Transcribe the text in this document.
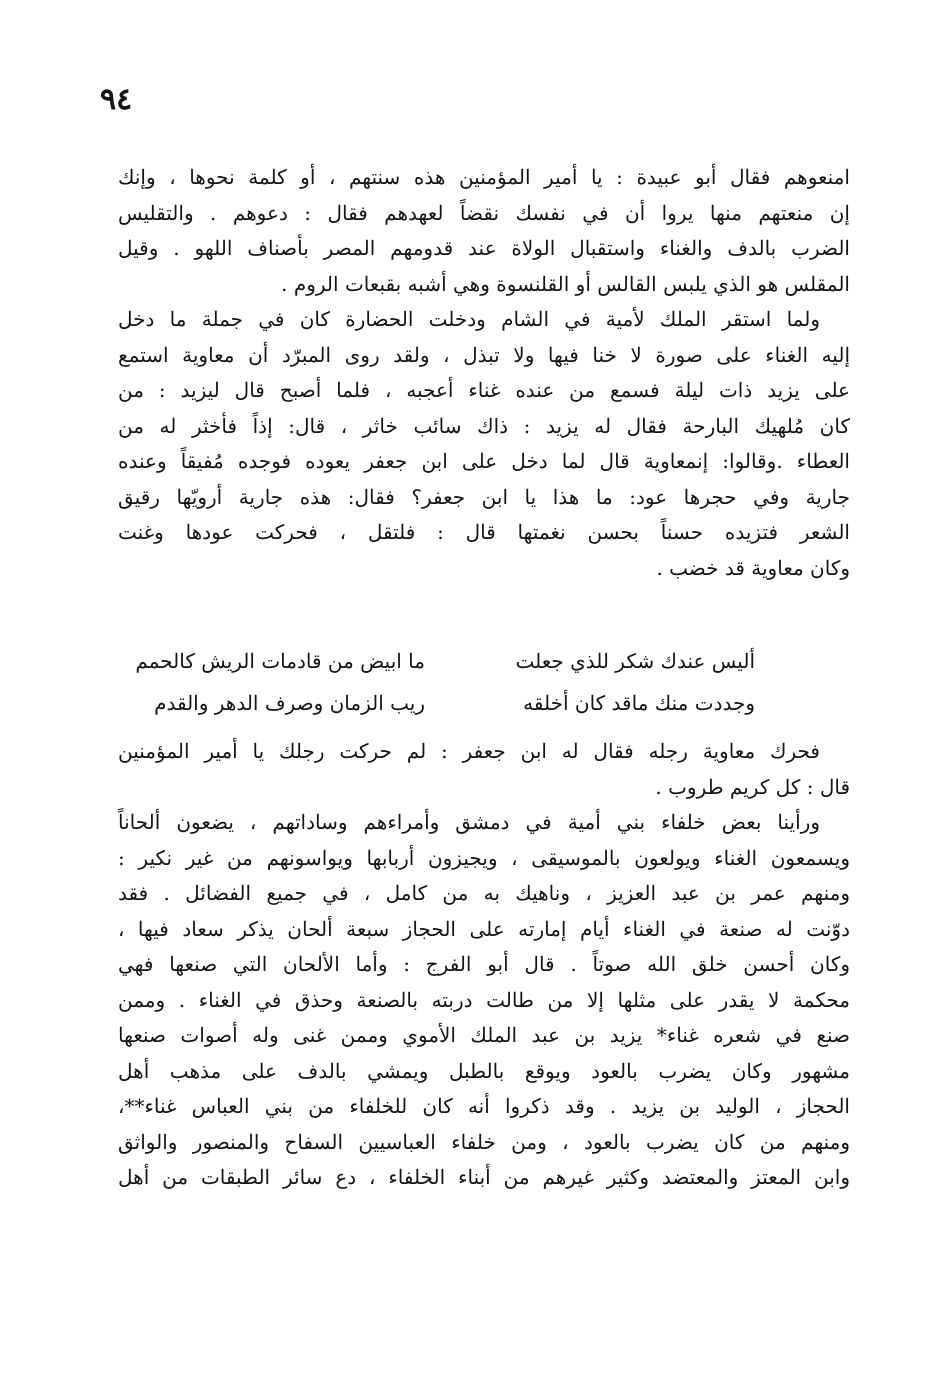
٩٤
امنعوهم فقال أبو عبيدة : يا أمير المؤمنين هذه سنتهم ، أو كلمة نحوها ، وإنك
إن منعتهم منها يروا أن في نفسك نقضاً لعهدهم فقال : دعوهم . والتقليس
الضرب بالدف والغناء واستقبال الولاة عند قدومهم المصر بأصناف اللهو . وقيل
المقلس هو الذي يلبس القالس أو القلنسوة وهي أشبه بقبعات الروم .
ولما استقر الملك لأمية في الشام ودخلت الحضارة كان في جملة ما دخل
إليه الغناء على صورة لا خنا فيها ولا تبذل ، ولقد روى المبرّد أن معاوية استمع
على يزيد ذات ليلة فسمع من عنده غناء أعجبه ، فلما أصبح قال ليزيد : من
كان مُلهيك البارحة فقال له يزيد : ذاك سائب خاثر ، قال: إذاً فأخثر له من
العطاء .وقالوا: إنمعاوية قال لما دخل على ابن جعفر يعوده فوجده مُفيقاً وعنده
جارية وفي حجرها عود: ما هذا يا ابن جعفر؟ فقال: هذه جارية أرويّها رقيق
الشعر فتزيده حسناً بحسن نغمتها قال : فلتقل ، فحركت عودها وغنت
وكان معاوية قد خضب .
أليس عندك شكر للذي جعلت
ما ابيض من قادمات الريش كالحمم
وجددت منك ماقد كان أخلقه
ريب الزمان وصرف الدهر والقدم
فحرك معاوية رجله فقال له ابن جعفر : لم حركت رجلك يا أمير المؤمنين
قال : كل كريم طروب .
ورأينا بعض خلفاء بني أمية في دمشق وأمراءهم وساداتهم ، يضعون ألحاناً
ويسمعون الغناء ويولعون بالموسيقى ، ويجيزون أربابها ويواسونهم من غير نكير :
ومنهم عمر بن عبد العزيز ، وناهيك به من كامل ، في جميع الفضائل . فقد
دوّنت له صنعة في الغناء أيام إمارته على الحجاز سبعة ألحان يذكر سعاد فيها ،
وكان أحسن خلق الله صوتاً . قال أبو الفرج : وأما الألحان التي صنعها فهي
محكمة لا يقدر على مثلها إلا من طالت دربته بالصنعة وحذق في الغناء . وممن
صنع في شعره غناء* يزيد بن عبد الملك الأموي وممن غنى وله أصوات صنعها
مشهور وكان يضرب بالعود ويوقع بالطبل ويمشي بالدف على مذهب أهل
الحجاز ، الوليد بن يزيد . وقد ذكروا أنه كان للخلفاء من بني العباس غناء**،
ومنهم من كان يضرب بالعود ، ومن خلفاء العباسيين السفاح والمنصور والواثق
وابن المعتز والمعتضد وكثير غيرهم من أبناء الخلفاء ، دع سائر الطبقات من أهل
